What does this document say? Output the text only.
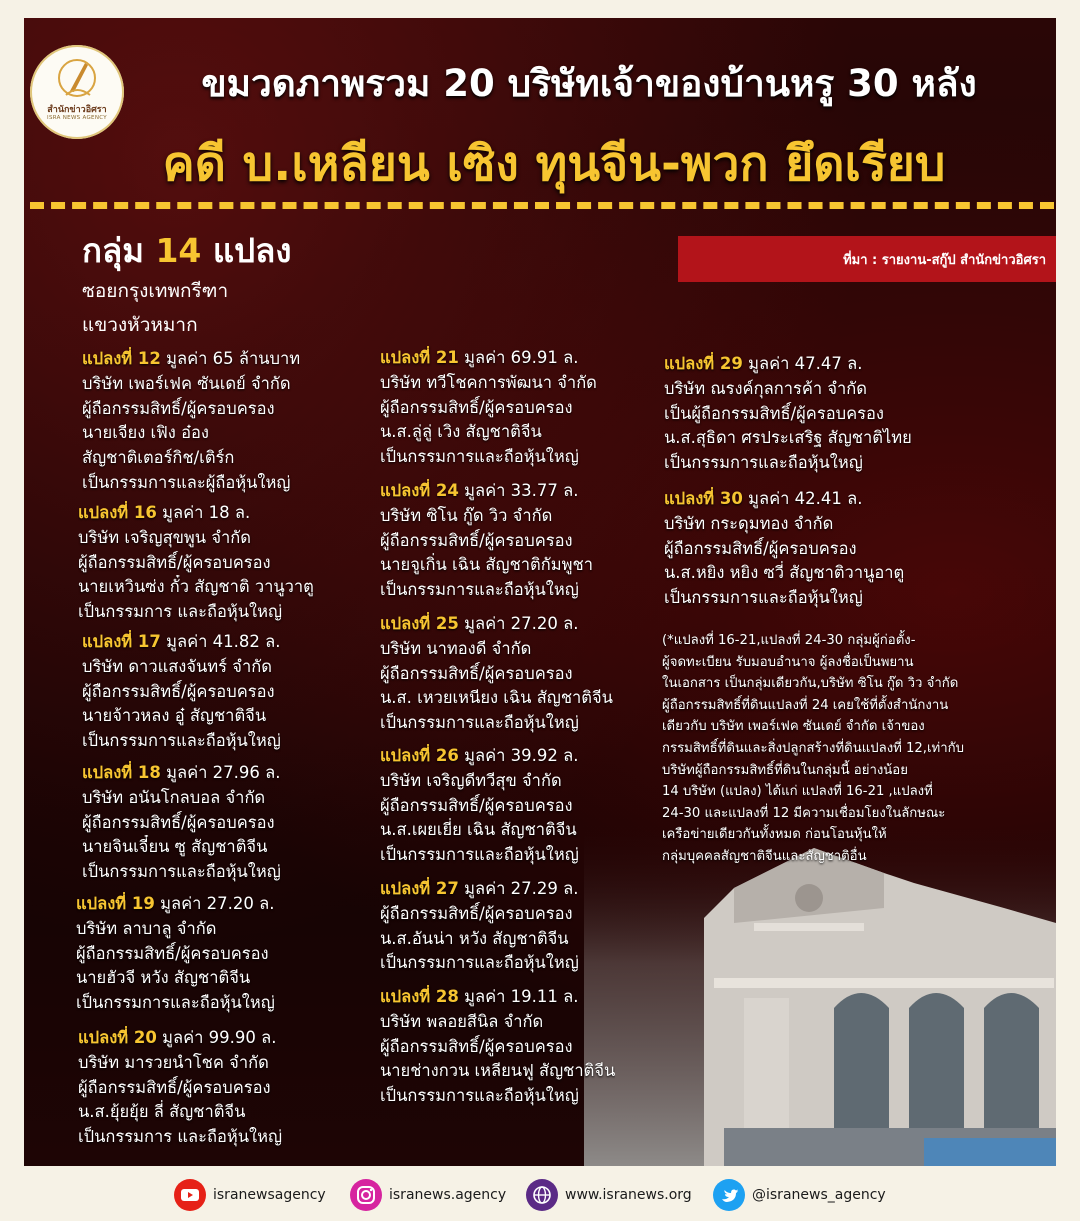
สำนักข่าวอิศรา
ISRA NEWS AGENCY
ขมวดภาพรวม 20 บริษัทเจ้าของบ้านหรู 30 หลัง
คดี บ.เหลียน เซิง ทุนจีน-พวก ยึดเรียบ
กลุ่ม 14 แปลง
ซอยกรุงเทพกรีฑา
แขวงหัวหมาก
ที่มา : รายงาน-สกู๊ป สำนักข่าวอิศรา
แปลงที่ 12 มูลค่า 65 ล้านบาท
บริษัท เพอร์เฟค ซันเดย์ จำกัด
ผู้ถือกรรมสิทธิ์/ผู้ครอบครอง
นายเจียง เฟิง อ๋อง
สัญชาติเตอร์กิช/เติร์ก
เป็นกรรมการและผู้ถือหุ้นใหญ่
แปลงที่ 16 มูลค่า 18 ล.
บริษัท เจริญสุขพูน จำกัด
ผู้ถือกรรมสิทธิ์/ผู้ครอบครอง
นายเหวินซ่ง กั๋ว สัญชาติ วานูวาตู
เป็นกรรมการ และถือหุ้นใหญ่
แปลงที่ 17 มูลค่า 41.82 ล.
บริษัท ดาวแสงจันทร์ จำกัด
ผู้ถือกรรมสิทธิ์/ผู้ครอบครอง
นายจ้าวหลง อู๋ สัญชาติจีน
เป็นกรรมการและถือหุ้นใหญ่
แปลงที่ 18 มูลค่า 27.96 ล.
บริษัท อนันโกลบอล จำกัด
ผู้ถือกรรมสิทธิ์/ผู้ครอบครอง
นายจินเจี๋ยน ซู สัญชาติจีน
เป็นกรรมการและถือหุ้นใหญ่
แปลงที่ 19 มูลค่า 27.20 ล.
บริษัท ลาบาลู จำกัด
ผู้ถือกรรมสิทธิ์/ผู้ครอบครอง
นายฮัวจี หวัง สัญชาติจีน
เป็นกรรมการและถือหุ้นใหญ่
แปลงที่ 20 มูลค่า 99.90 ล.
บริษัท มารวยนำโชค จำกัด
ผู้ถือกรรมสิทธิ์/ผู้ครอบครอง
น.ส.ยุ้ยยุ้ย ลี่ สัญชาติจีน
เป็นกรรมการ และถือหุ้นใหญ่
แปลงที่ 21 มูลค่า 69.91 ล.
บริษัท ทวีโชคการพัฒนา จำกัด
ผู้ถือกรรมสิทธิ์/ผู้ครอบครอง
น.ส.ลู่ลู่ เวิง สัญชาติจีน
เป็นกรรมการและถือหุ้นใหญ่
แปลงที่ 24 มูลค่า 33.77 ล.
บริษัท ซิโน กู๊ด วิว จำกัด
ผู้ถือกรรมสิทธิ์/ผู้ครอบครอง
นายจูเกิ่น เฉิน สัญชาติกัมพูชา
เป็นกรรมการและถือหุ้นใหญ่
แปลงที่ 25 มูลค่า 27.20 ล.
บริษัท นาทองดี จำกัด
ผู้ถือกรรมสิทธิ์/ผู้ครอบครอง
น.ส. เหวยเหนียง เฉิน สัญชาติจีน
เป็นกรรมการและถือหุ้นใหญ่
แปลงที่ 26 มูลค่า 39.92 ล.
บริษัท เจริญดีทวีสุข จำกัด
ผู้ถือกรรมสิทธิ์/ผู้ครอบครอง
น.ส.เผยเยี่ย เฉิน สัญชาติจีน
เป็นกรรมการและถือหุ้นใหญ่
แปลงที่ 27 มูลค่า 27.29 ล.
ผู้ถือกรรมสิทธิ์/ผู้ครอบครอง
น.ส.อันน่า หวัง สัญชาติจีน
เป็นกรรมการและถือหุ้นใหญ่
แปลงที่ 28 มูลค่า 19.11 ล.
บริษัท พลอยสีนิล จำกัด
ผู้ถือกรรมสิทธิ์/ผู้ครอบครอง
นายช่างกวน เหลียนฟู สัญชาติจีน
เป็นกรรมการและถือหุ้นใหญ่
แปลงที่ 29 มูลค่า 47.47 ล.
บริษัท ณรงค์กุลการค้า จำกัด
เป็นผู้ถือกรรมสิทธิ์/ผู้ครอบครอง
น.ส.สุธิดา ศรประเสริฐ สัญชาติไทย
เป็นกรรมการและถือหุ้นใหญ่
แปลงที่ 30 มูลค่า 42.41 ล.
บริษัท กระดุมทอง จำกัด
ผู้ถือกรรมสิทธิ์/ผู้ครอบครอง
น.ส.หยิง หยิง ซวี่ สัญชาติวานูอาตู
เป็นกรรมการและถือหุ้นใหญ่
(*แปลงที่ 16-21,แปลงที่ 24-30 กลุ่มผู้ก่อตั้ง-
ผู้จดทะเบียน รับมอบอำนาจ ผู้ลงชื่อเป็นพยาน
ในเอกสาร เป็นกลุ่มเดียวกัน,บริษัท ซิโน กู๊ด วิว จำกัด
ผู้ถือกรรมสิทธิ์ที่ดินแปลงที่ 24 เคยใช้ที่ตั้งสำนักงาน
เดียวกับ บริษัท เพอร์เฟค ซันเดย์ จำกัด เจ้าของ
กรรมสิทธิ์ที่ดินและสิ่งปลูกสร้างที่ดินแปลงที่ 12,เท่ากับ
บริษัทผู้ถือกรรมสิทธิ์ที่ดินในกลุ่มนี้ อย่างน้อย
14 บริษัท (แปลง) ได้แก่ แปลงที่ 16-21 ,แปลงที่
24-30 และแปลงที่ 12 มีความเชื่อมโยงในลักษณะ
เครือข่ายเดียวกันทั้งหมด ก่อนโอนหุ้นให้
กลุ่มบุคคลสัญชาติจีนและสัญชาติอื่น
isranewsagency	isranews.agency	www.isranews.org	@isranews_agency
